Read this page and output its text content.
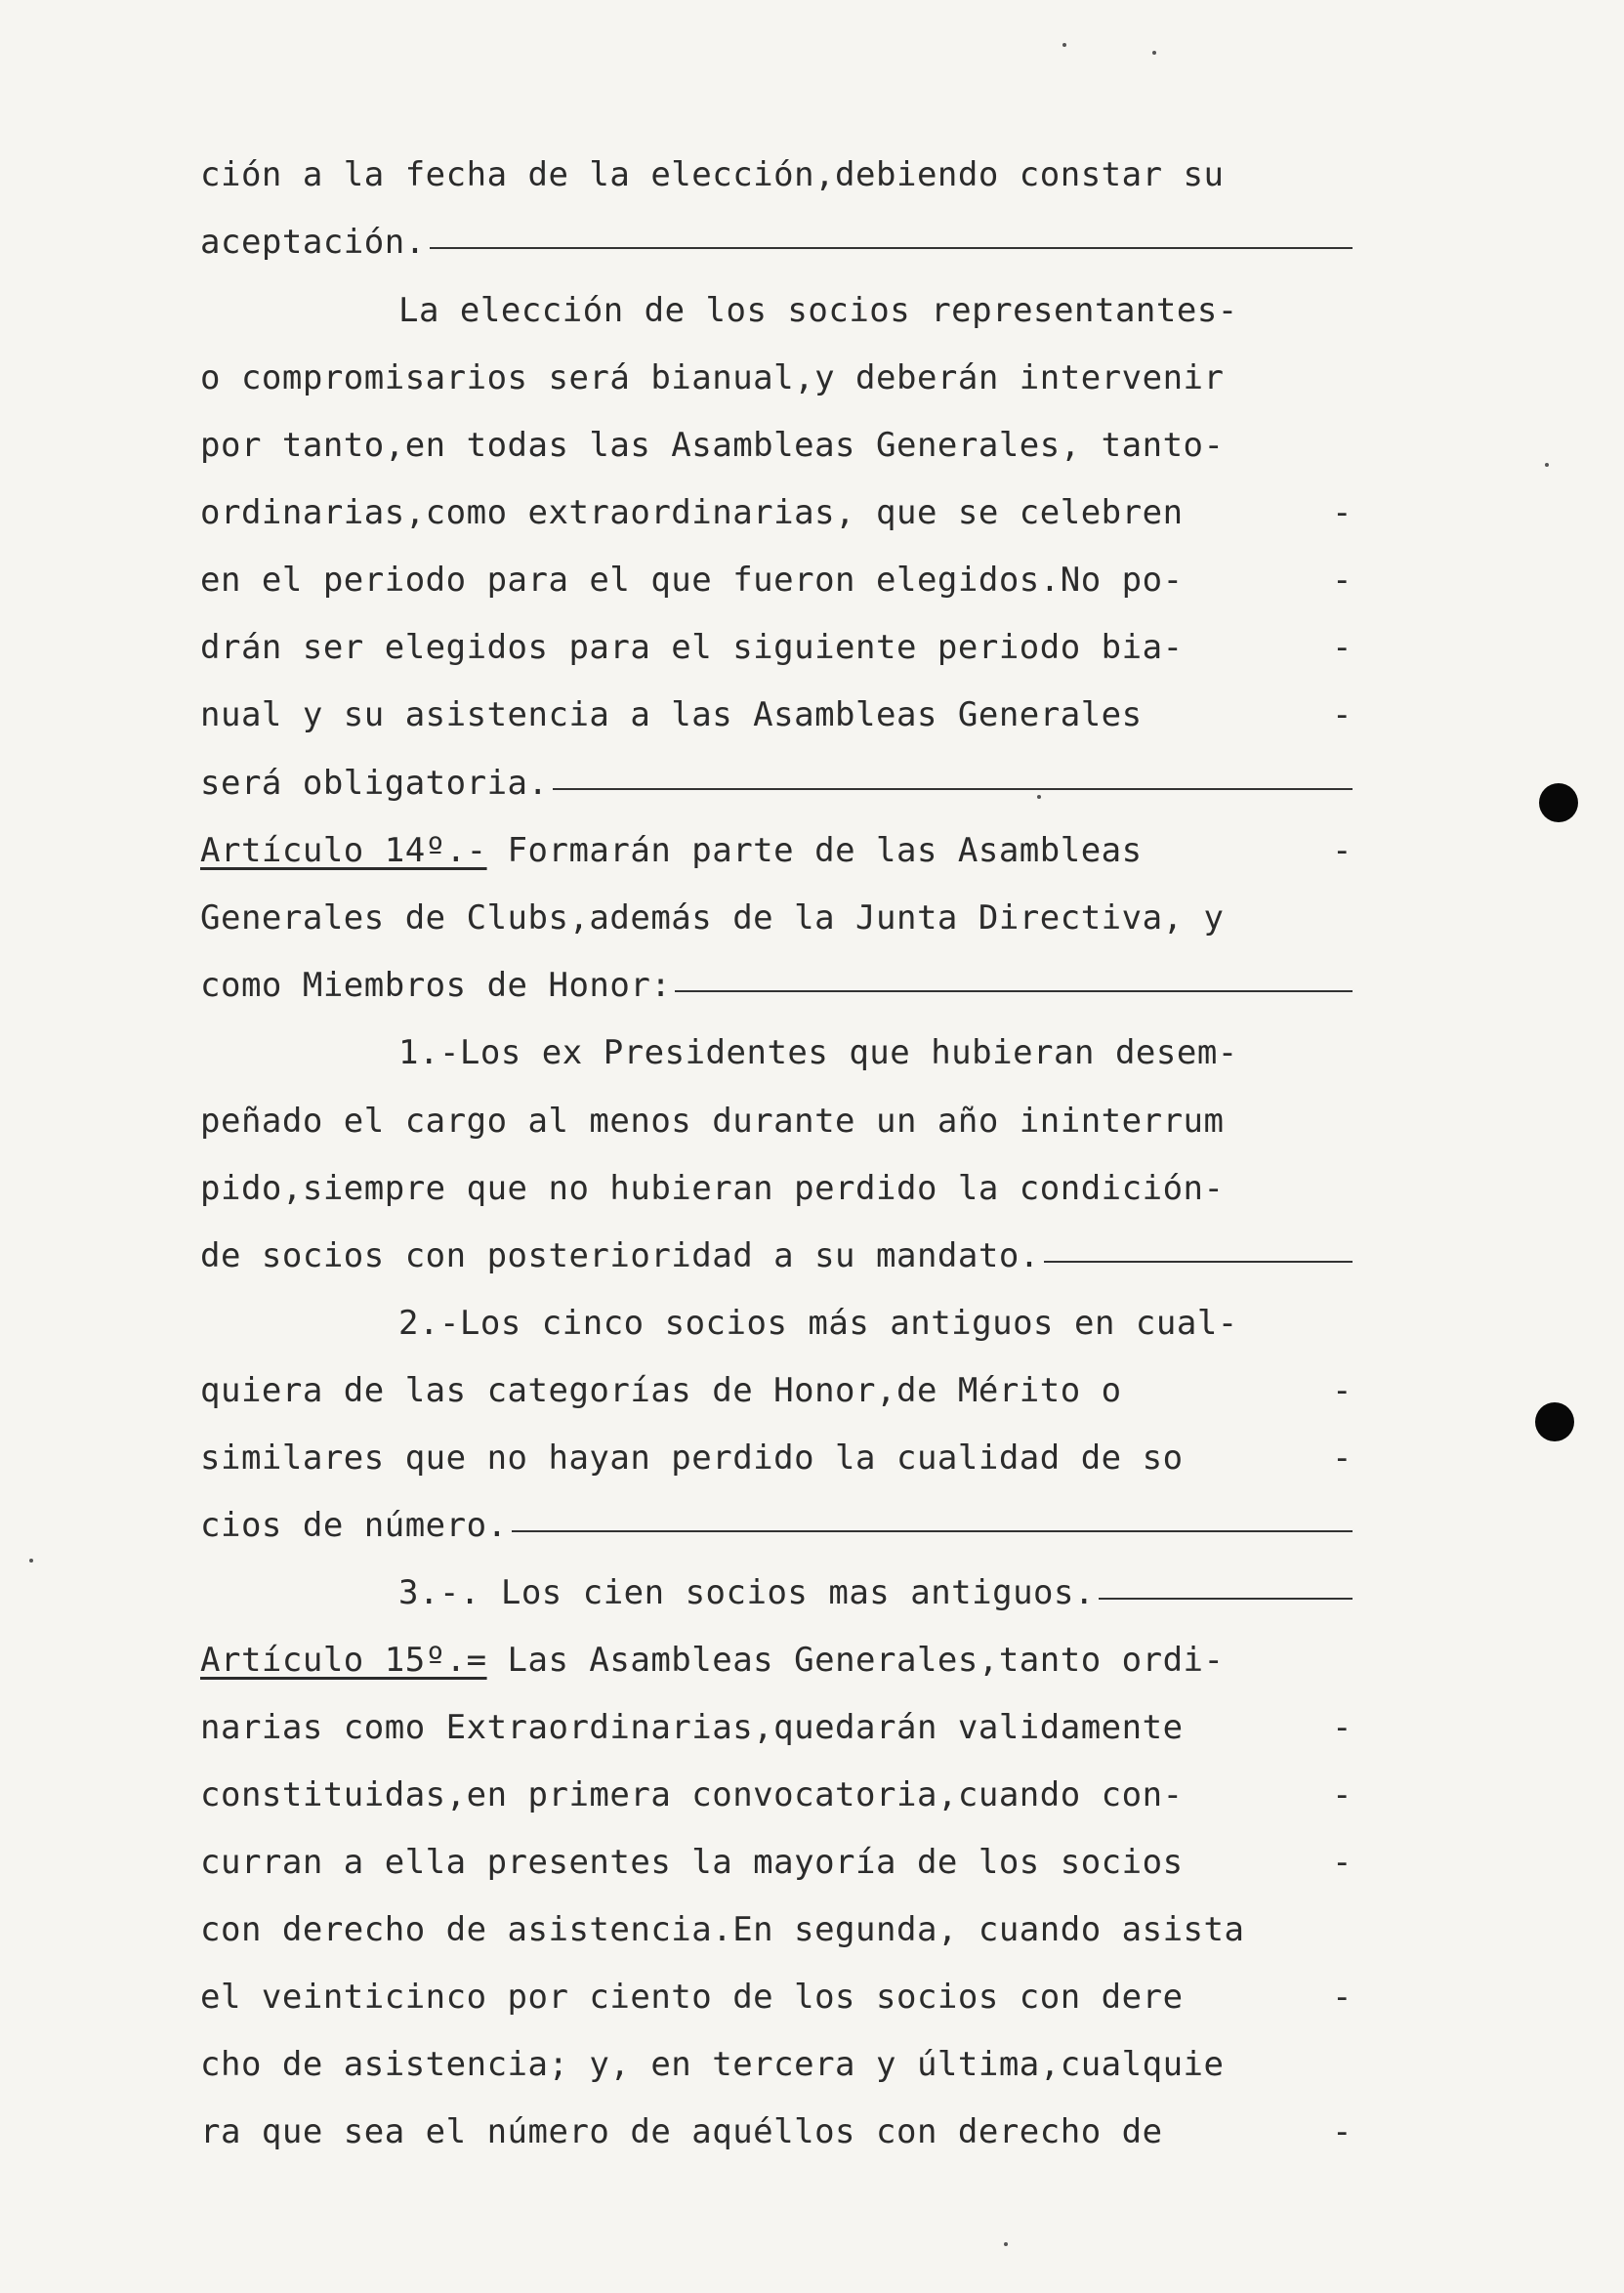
ción a la fecha de la elección,debiendo constar su
aceptación.
La elección de los socios representantes-
o compromisarios será bianual,y deberán intervenir
por tanto,en todas las Asambleas Generales, tanto-
ordinarias,como extraordinarias, que se celebren	-
en el periodo para el que fueron elegidos.No po-	-
drán ser elegidos para el siguiente periodo bia-	-
nual y su asistencia a las Asambleas Generales	-
será obligatoria.
Artículo 14º.- Formarán parte de las Asambleas	-
Generales de Clubs,además de la Junta Directiva, y
como Miembros de Honor:
1.-Los ex Presidentes que hubieran desem-
peñado el cargo al menos durante un año ininterrum
pido,siempre que no hubieran perdido la condición-
de socios con posterioridad a su mandato.
2.-Los cinco socios más antiguos en cual-
quiera de las categorías de Honor,de Mérito o	-
similares que no hayan perdido la cualidad de so	-
cios de número.
3.-. Los cien socios mas antiguos.
Artículo 15º.= Las Asambleas Generales,tanto ordi-
narias como Extraordinarias,quedarán validamente	-
constituidas,en primera convocatoria,cuando con-	-
curran a ella presentes la mayoría de los socios	-
con derecho de asistencia.En segunda, cuando asista
el veinticinco por ciento de los socios con dere	-
cho de asistencia; y, en tercera y última,cualquie
ra que sea el número de aquéllos con derecho de	-
